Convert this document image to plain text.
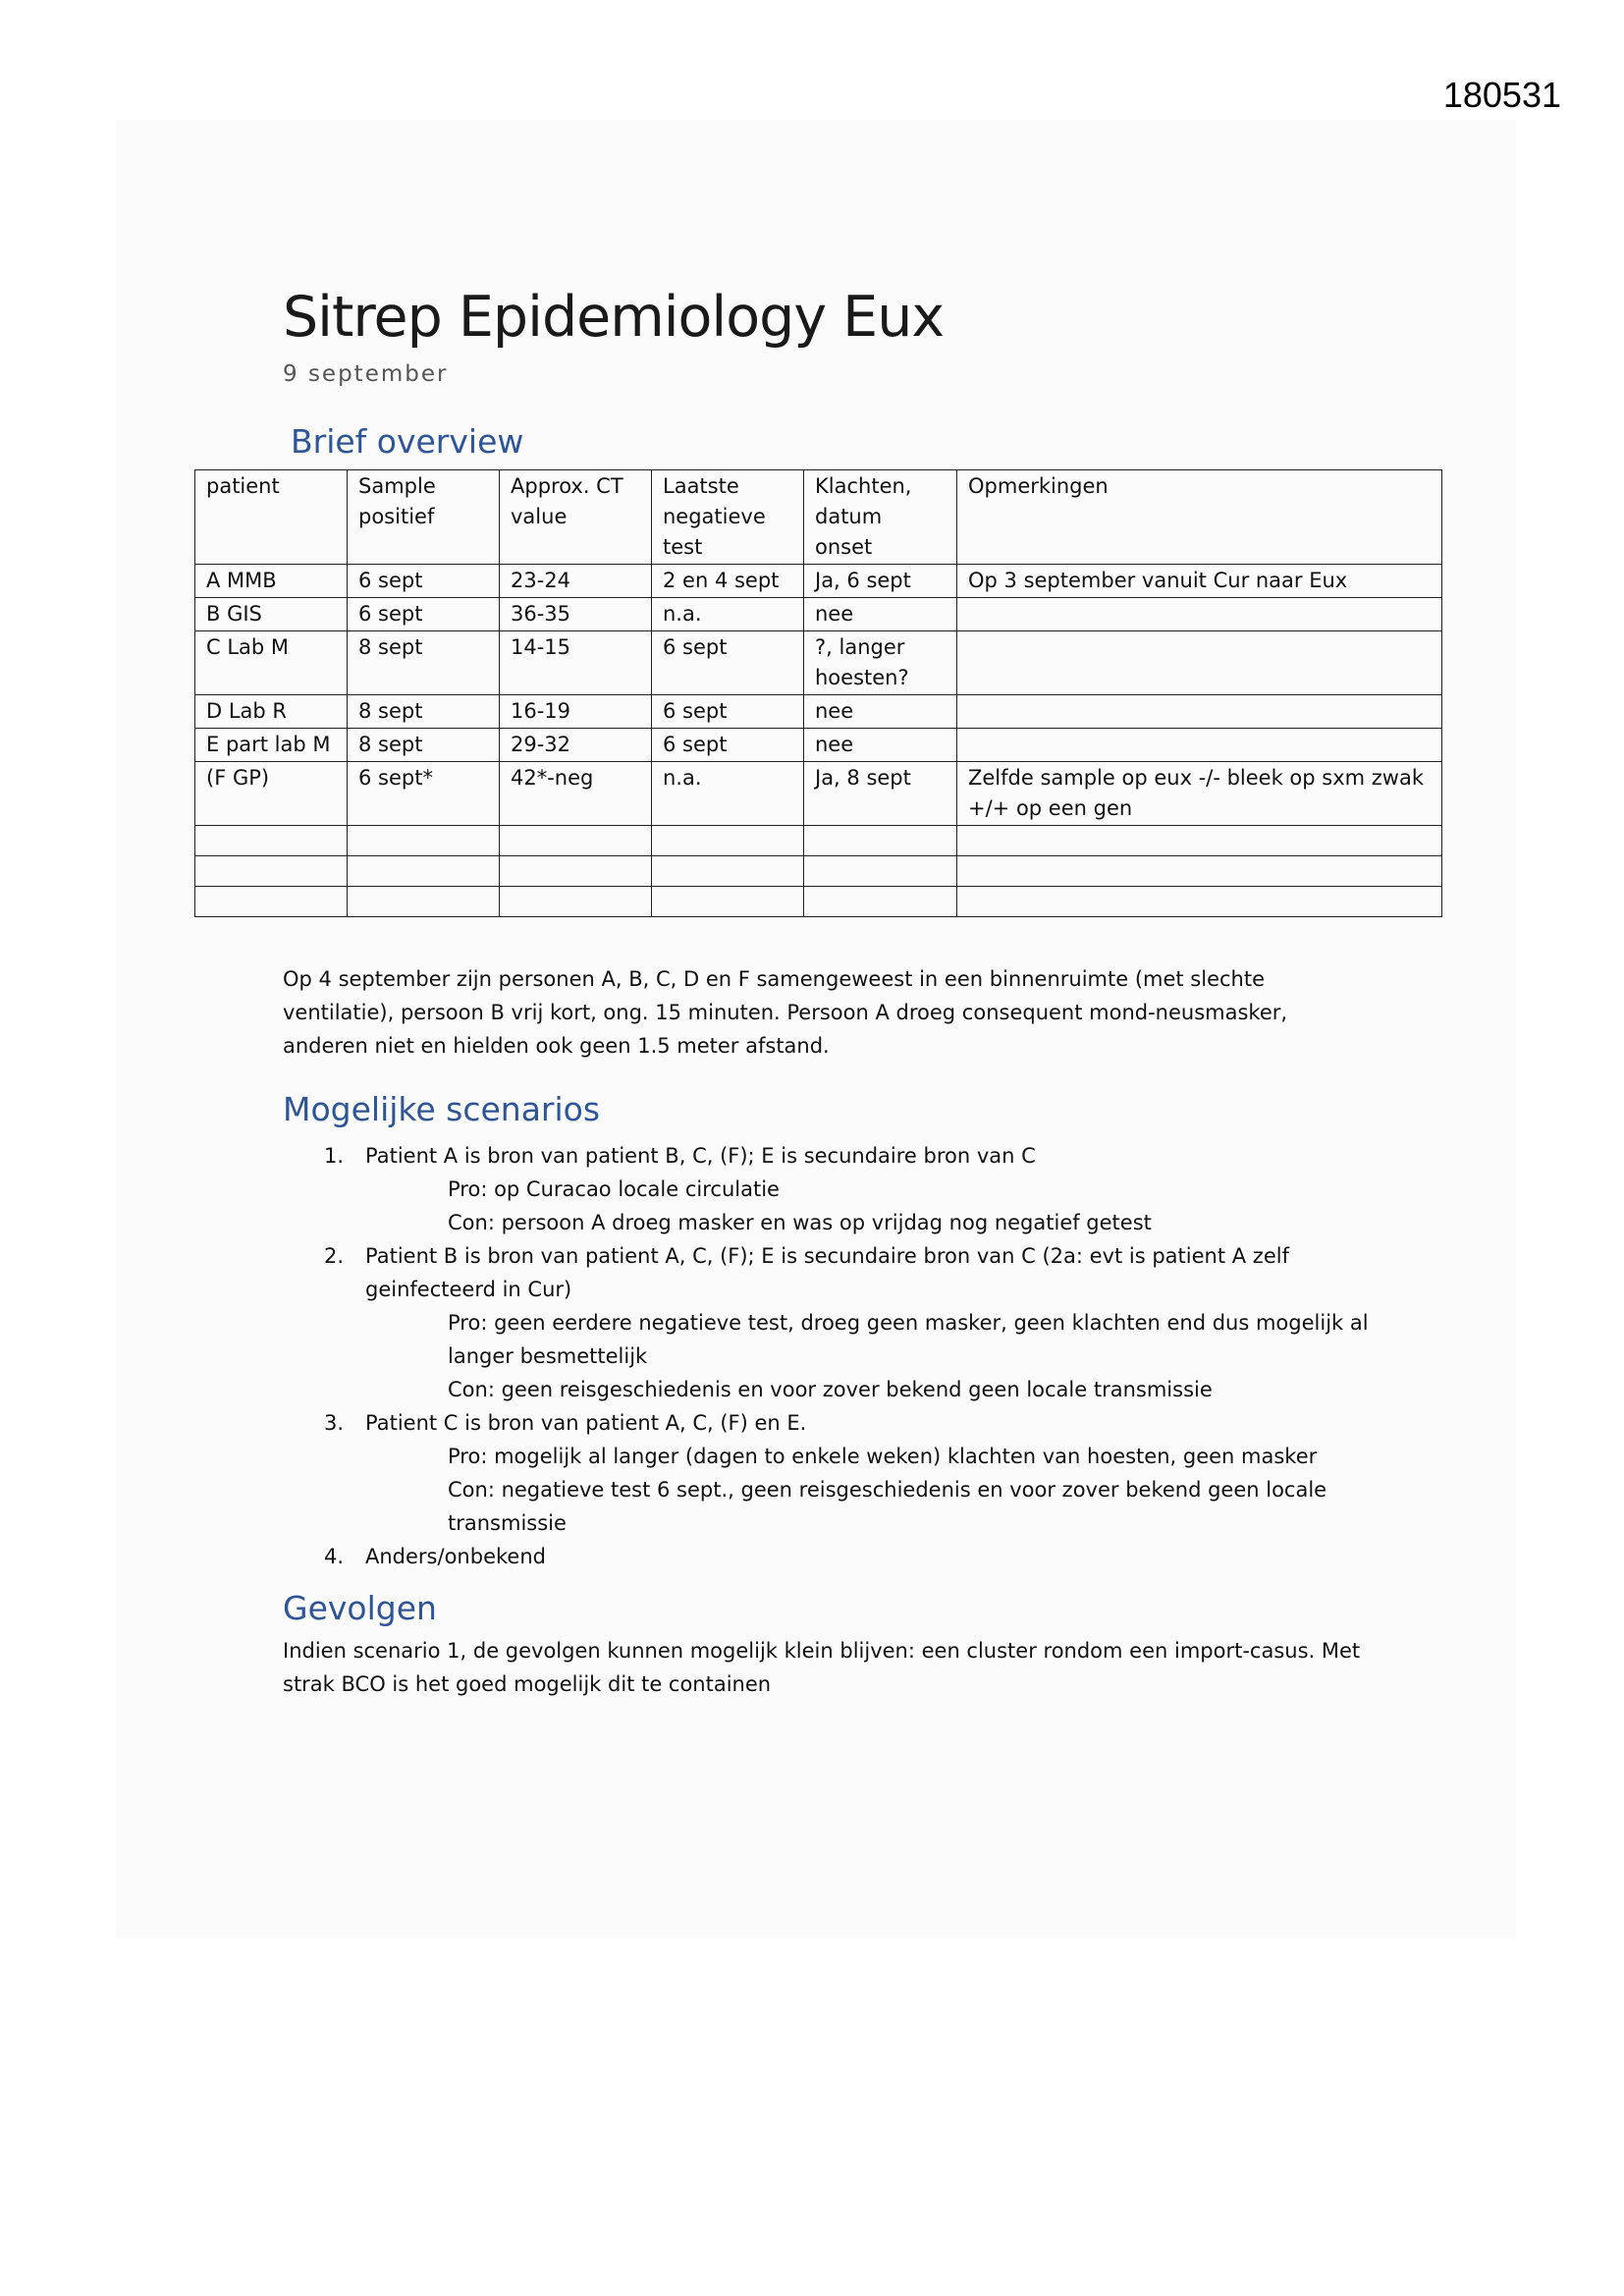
180531
Sitrep Epidemiology Eux
9 september
Brief overview
patient	Sample positief	Approx. CT value	Laatste negatieve test	Klachten, datum onset	Opmerkingen
A MMB	6 sept	23-24	2 en 4 sept	Ja, 6 sept	Op 3 september vanuit Cur naar Eux
B GIS	6 sept	36-35	n.a.	nee	
C Lab M	8 sept	14-15	6 sept	?, langer hoesten?	
D Lab R	8 sept	16-19	6 sept	nee	
E part lab M	8 sept	29-32	6 sept	nee	
(F GP)	6 sept*	42*-neg	n.a.	Ja, 8 sept	Zelfde sample op eux -/- bleek op sxm zwak +/+ op een gen

Op 4 september zijn personen A, B, C, D en F samengeweest in een binnenruimte (met slechte ventilatie), persoon B vrij kort, ong. 15 minuten. Persoon A droeg consequent mond-neusmasker, anderen niet en hielden ook geen 1.5 meter afstand.
Mogelijke scenarios
1. Patient A is bron van patient B, C, (F); E is secundaire bron van C
Pro: op Curacao locale circulatie
Con: persoon A droeg masker en was op vrijdag nog negatief getest
2. Patient B is bron van patient A, C, (F); E is secundaire bron van C (2a: evt is patient A zelf geinfecteerd in Cur)
Pro: geen eerdere negatieve test, droeg geen masker, geen klachten end dus mogelijk al langer besmettelijk
Con: geen reisgeschiedenis en voor zover bekend geen locale transmissie
3. Patient C is bron van patient A, C, (F) en E.
Pro: mogelijk al langer (dagen to enkele weken) klachten van hoesten, geen masker
Con: negatieve test 6 sept., geen reisgeschiedenis en voor zover bekend geen locale transmissie
4. Anders/onbekend
Gevolgen
Indien scenario 1, de gevolgen kunnen mogelijk klein blijven: een cluster rondom een import-casus. Met strak BCO is het goed mogelijk dit te containen
